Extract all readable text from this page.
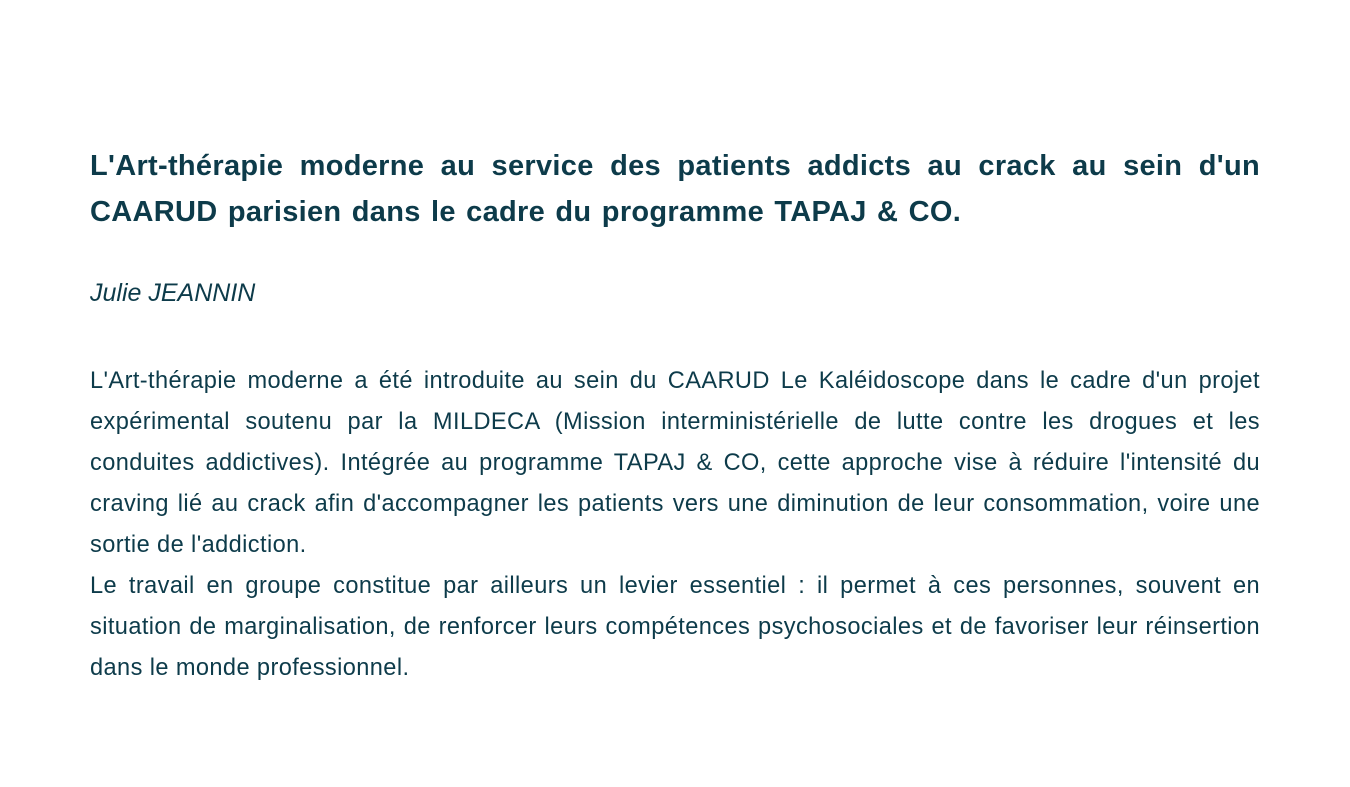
L'Art-thérapie moderne au service des patients addicts au crack au sein d'un CAARUD parisien dans le cadre du programme TAPAJ & CO.

Julie JEANNIN

L'Art-thérapie moderne a été introduite au sein du CAARUD Le Kaléidoscope dans le cadre d'un projet expérimental soutenu par la MILDECA (Mission interministérielle de lutte contre les drogues et les conduites addictives). Intégrée au programme TAPAJ & CO, cette approche vise à réduire l'intensité du craving lié au crack afin d'accompagner les patients vers une diminution de leur consommation, voire une sortie de l'addiction.

Le travail en groupe constitue par ailleurs un levier essentiel : il permet à ces personnes, souvent en situation de marginalisation, de renforcer leurs compétences psychosociales et de favoriser leur réinsertion dans le monde professionnel.
